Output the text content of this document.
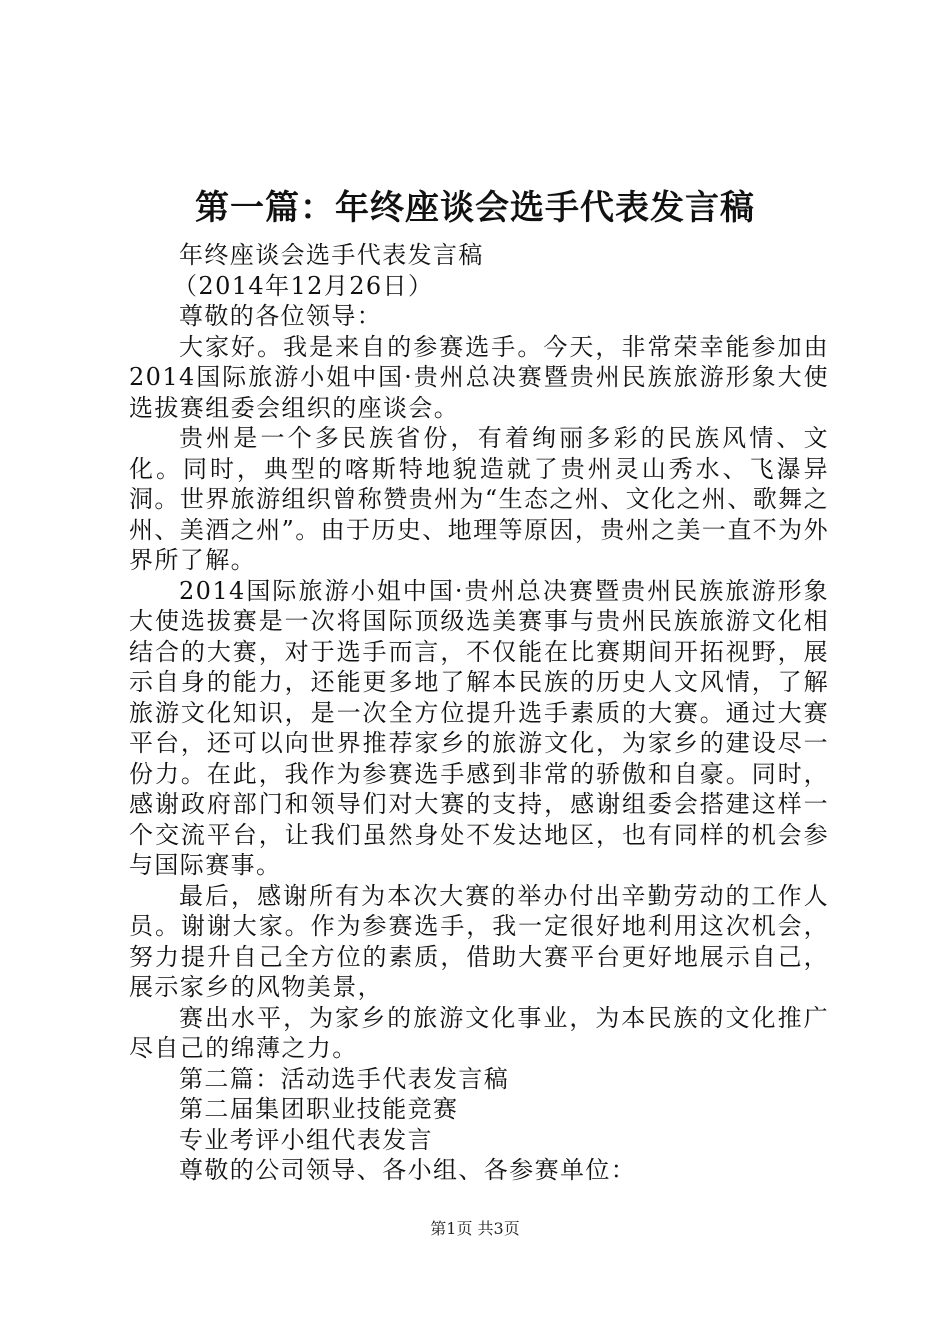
第一篇：年终座谈会选手代表发言稿

年终座谈会选手代表发言稿

（2014年12月26日）

尊敬的各位领导：

大家好。我是来自的参赛选手。今天，非常荣幸能参加由2014国际旅游小姐中国·贵州总决赛暨贵州民族旅游形象大使选拔赛组委会组织的座谈会。

贵州是一个多民族省份，有着绚丽多彩的民族风情、文化。同时，典型的喀斯特地貌造就了贵州灵山秀水、飞瀑异洞。世界旅游组织曾称赞贵州为“生态之州、文化之州、歌舞之州、美酒之州”。由于历史、地理等原因，贵州之美一直不为外界所了解。

2014国际旅游小姐中国·贵州总决赛暨贵州民族旅游形象大使选拔赛是一次将国际顶级选美赛事与贵州民族旅游文化相结合的大赛，对于选手而言，不仅能在比赛期间开拓视野，展示自身的能力，还能更多地了解本民族的历史人文风情，了解旅游文化知识，是一次全方位提升选手素质的大赛。通过大赛平台，还可以向世界推荐家乡的旅游文化，为家乡的建设尽一份力。在此，我作为参赛选手感到非常的骄傲和自豪。同时，感谢政府部门和领导们对大赛的支持，感谢组委会搭建这样一个交流平台，让我们虽然身处不发达地区，也有同样的机会参与国际赛事。

最后，感谢所有为本次大赛的举办付出辛勤劳动的工作人员。谢谢大家。作为参赛选手，我一定很好地利用这次机会，努力提升自己全方位的素质，借助大赛平台更好地展示自己，展示家乡的风物美景，

赛出水平，为家乡的旅游文化事业，为本民族的文化推广尽自己的绵薄之力。

第二篇：活动选手代表发言稿

第二届集团职业技能竞赛

专业考评小组代表发言

尊敬的公司领导、各小组、各参赛单位：

第1页 共3页
